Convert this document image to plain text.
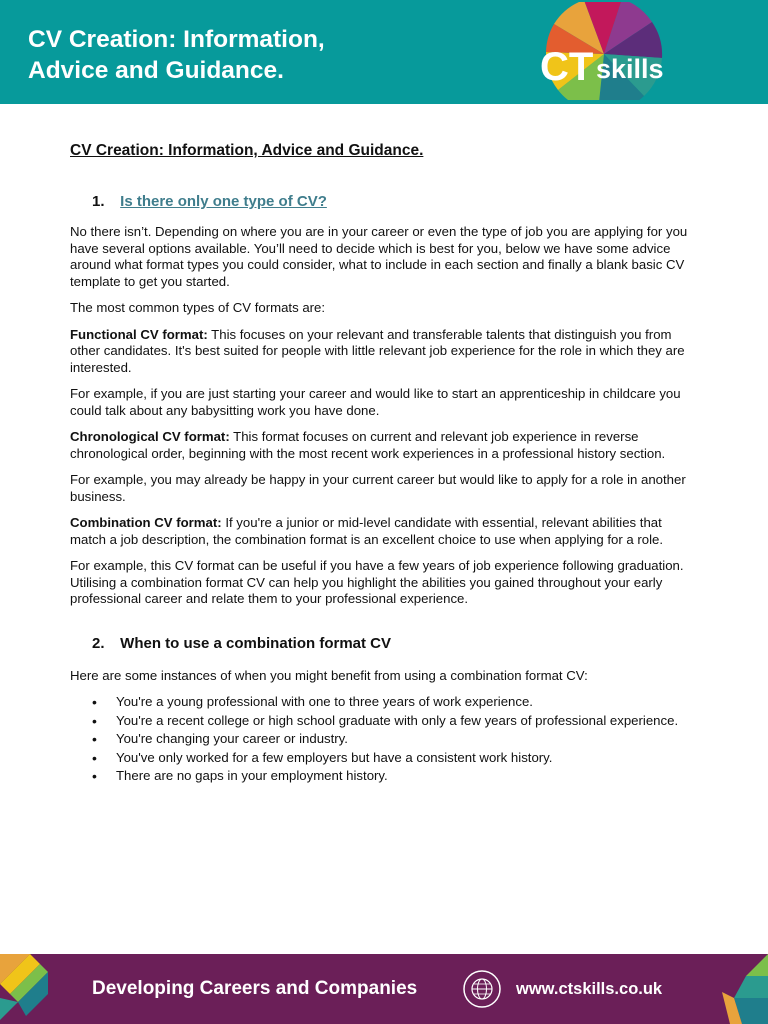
CV Creation: Information,
Advice and Guidance.	CT skills
CV Creation: Information, Advice and Guidance.
1. Is there only one type of CV?

No there isn’t. Depending on where you are in your career or even the type of job you are applying for you have several options available. You’ll need to decide which is best for you, below we have some advice around what format types you could consider, what to include in each section and finally a blank basic CV template to get you started.

The most common types of CV formats are:

Functional CV format: This focuses on your relevant and transferable talents that distinguish you from other candidates. It's best suited for people with little relevant job experience for the role in which they are interested.

For example, if you are just starting your career and would like to start an apprenticeship in childcare you could talk about any babysitting work you have done.

Chronological CV format: This format focuses on current and relevant job experience in reverse chronological order, beginning with the most recent work experiences in a professional history section.

For example, you may already be happy in your current career but would like to apply for a role in another business.

Combination CV format: If you're a junior or mid-level candidate with essential, relevant abilities that match a job description, the combination format is an excellent choice to use when applying for a role.

For example, this CV format can be useful if you have a few years of job experience following graduation. Utilising a combination format CV can help you highlight the abilities you gained throughout your early professional career and relate them to your professional experience.

2. When to use a combination format CV

Here are some instances of when you might benefit from using a combination format CV:

• You're a young professional with one to three years of work experience.
• You're a recent college or high school graduate with only a few years of professional experience.
• You're changing your career or industry.
• You've only worked for a few employers but have a consistent work history.
• There are no gaps in your employment history.
Developing Careers and Companies	www.ctskills.co.uk
